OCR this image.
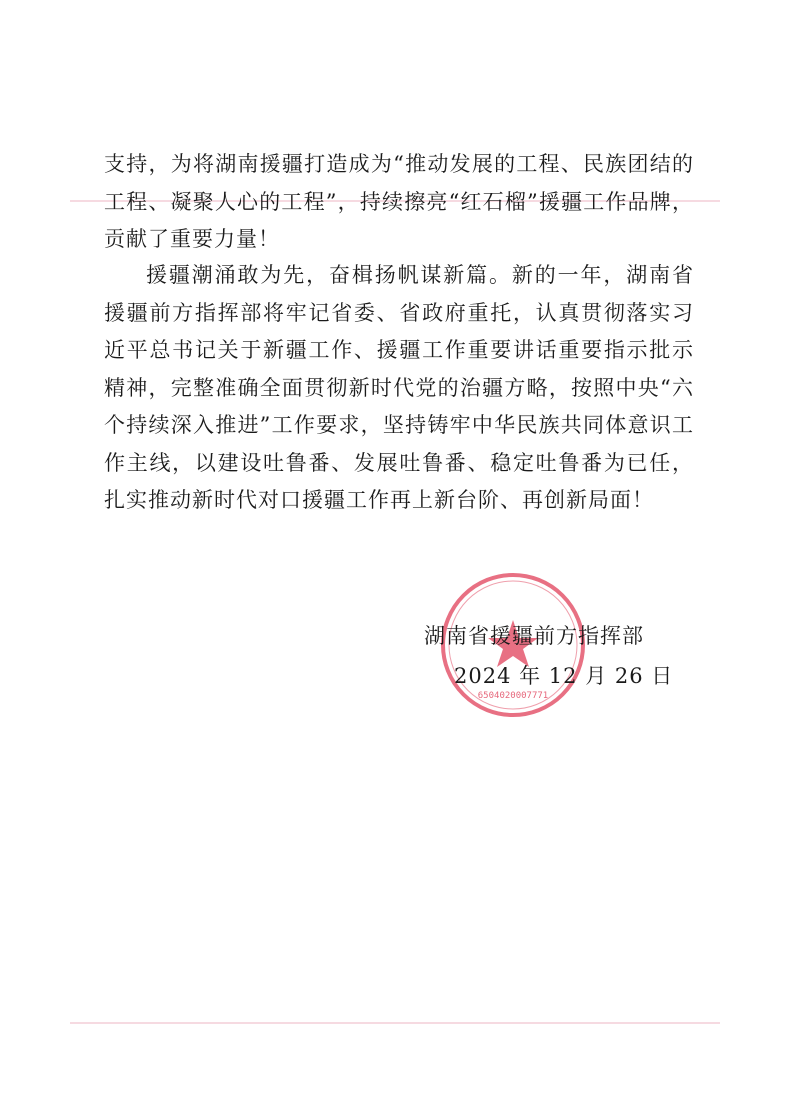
支持，为将湖南援疆打造成为“推动发展的工程、民族团结的工程、凝聚人心的工程”，持续擦亮“红石榴”援疆工作品牌，贡献了重要力量！
援疆潮涌敢为先，奋楫扬帆谋新篇。新的一年，湖南省援疆前方指挥部将牢记省委、省政府重托，认真贯彻落实习近平总书记关于新疆工作、援疆工作重要讲话重要指示批示精神，完整准确全面贯彻新时代党的治疆方略，按照中央“六个持续深入推进”工作要求，坚持铸牢中华民族共同体意识工作主线，以建设吐鲁番、发展吐鲁番、稳定吐鲁番为已任，扎实推动新时代对口援疆工作再上新台阶、再创新局面！
6504020007771
湖南省援疆前方指挥部
2024 年 12 月 26 日
